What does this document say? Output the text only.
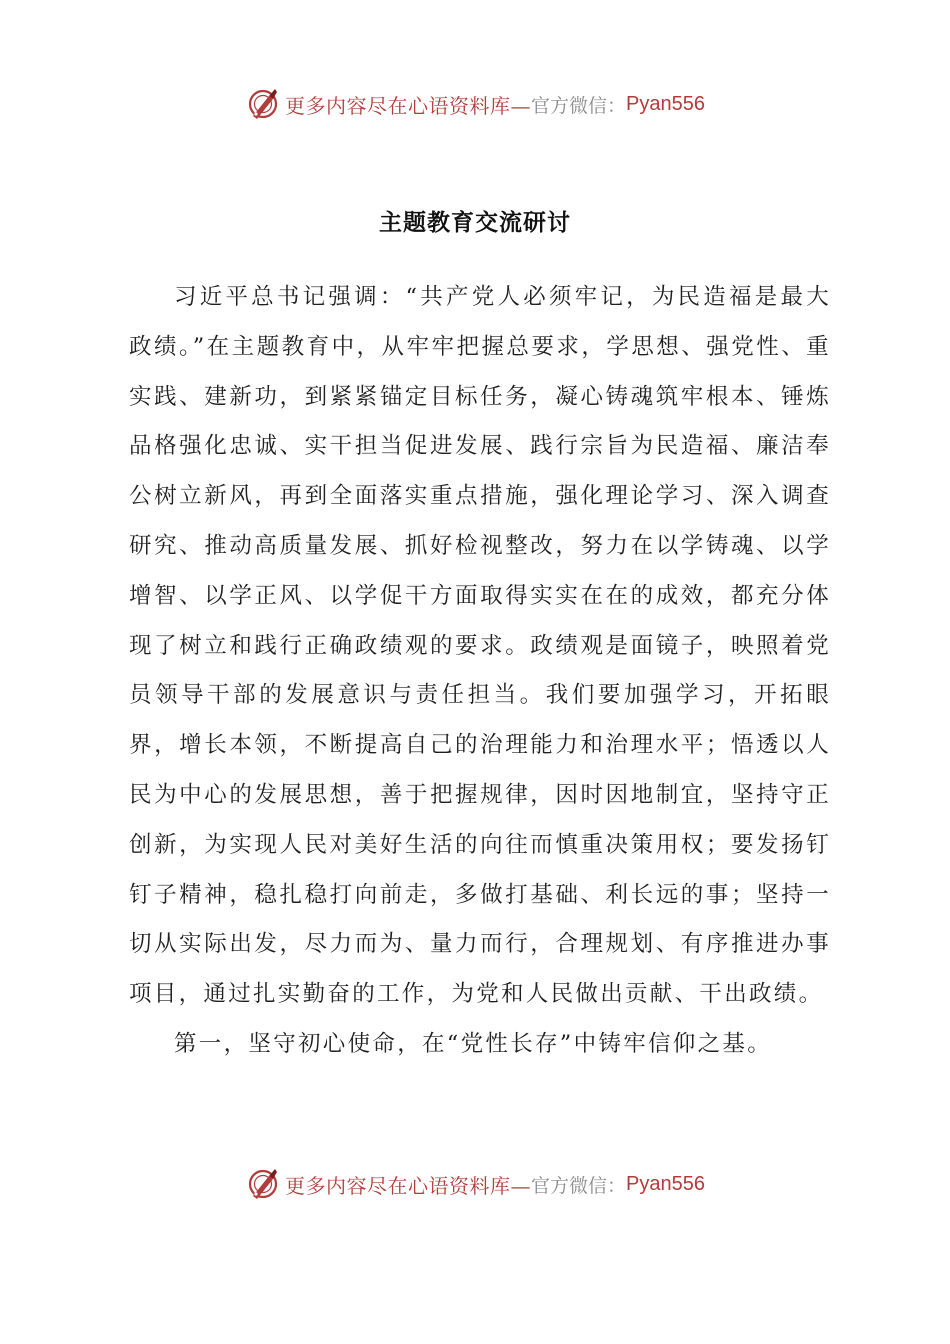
更多内容尽在心语资料库— 官方微信： Pyan556
主题教育交流研讨

习近平总书记强调：“共产党人必须牢记，为民造福是最大政绩。”在主题教育中，从牢牢把握总要求，学思想、强党性、重实践、建新功，到紧紧锚定目标任务，凝心铸魂筑牢根本、锤炼品格强化忠诚、实干担当促进发展、践行宗旨为民造福、廉洁奉公树立新风，再到全面落实重点措施，强化理论学习、深入调查研究、推动高质量发展、抓好检视整改，努力在以学铸魂、以学增智、以学正风、以学促干方面取得实实在在的成效，都充分体现了树立和践行正确政绩观的要求。政绩观是面镜子，映照着党员领导干部的发展意识与责任担当。我们要加强学习，开拓眼界，增长本领，不断提高自己的治理能力和治理水平；悟透以人民为中心的发展思想，善于把握规律，因时因地制宜，坚持守正创新，为实现人民对美好生活的向往而慎重决策用权；要发扬钉钉子精神，稳扎稳打向前走，多做打基础、利长远的事；坚持一切从实际出发，尽力而为、量力而行，合理规划、有序推进办事项目，通过扎实勤奋的工作，为党和人民做出贡献、干出政绩。

第一，坚守初心使命，在“党性长存”中铸牢信仰之基。

更多内容尽在心语资料库— 官方微信： Pyan556
